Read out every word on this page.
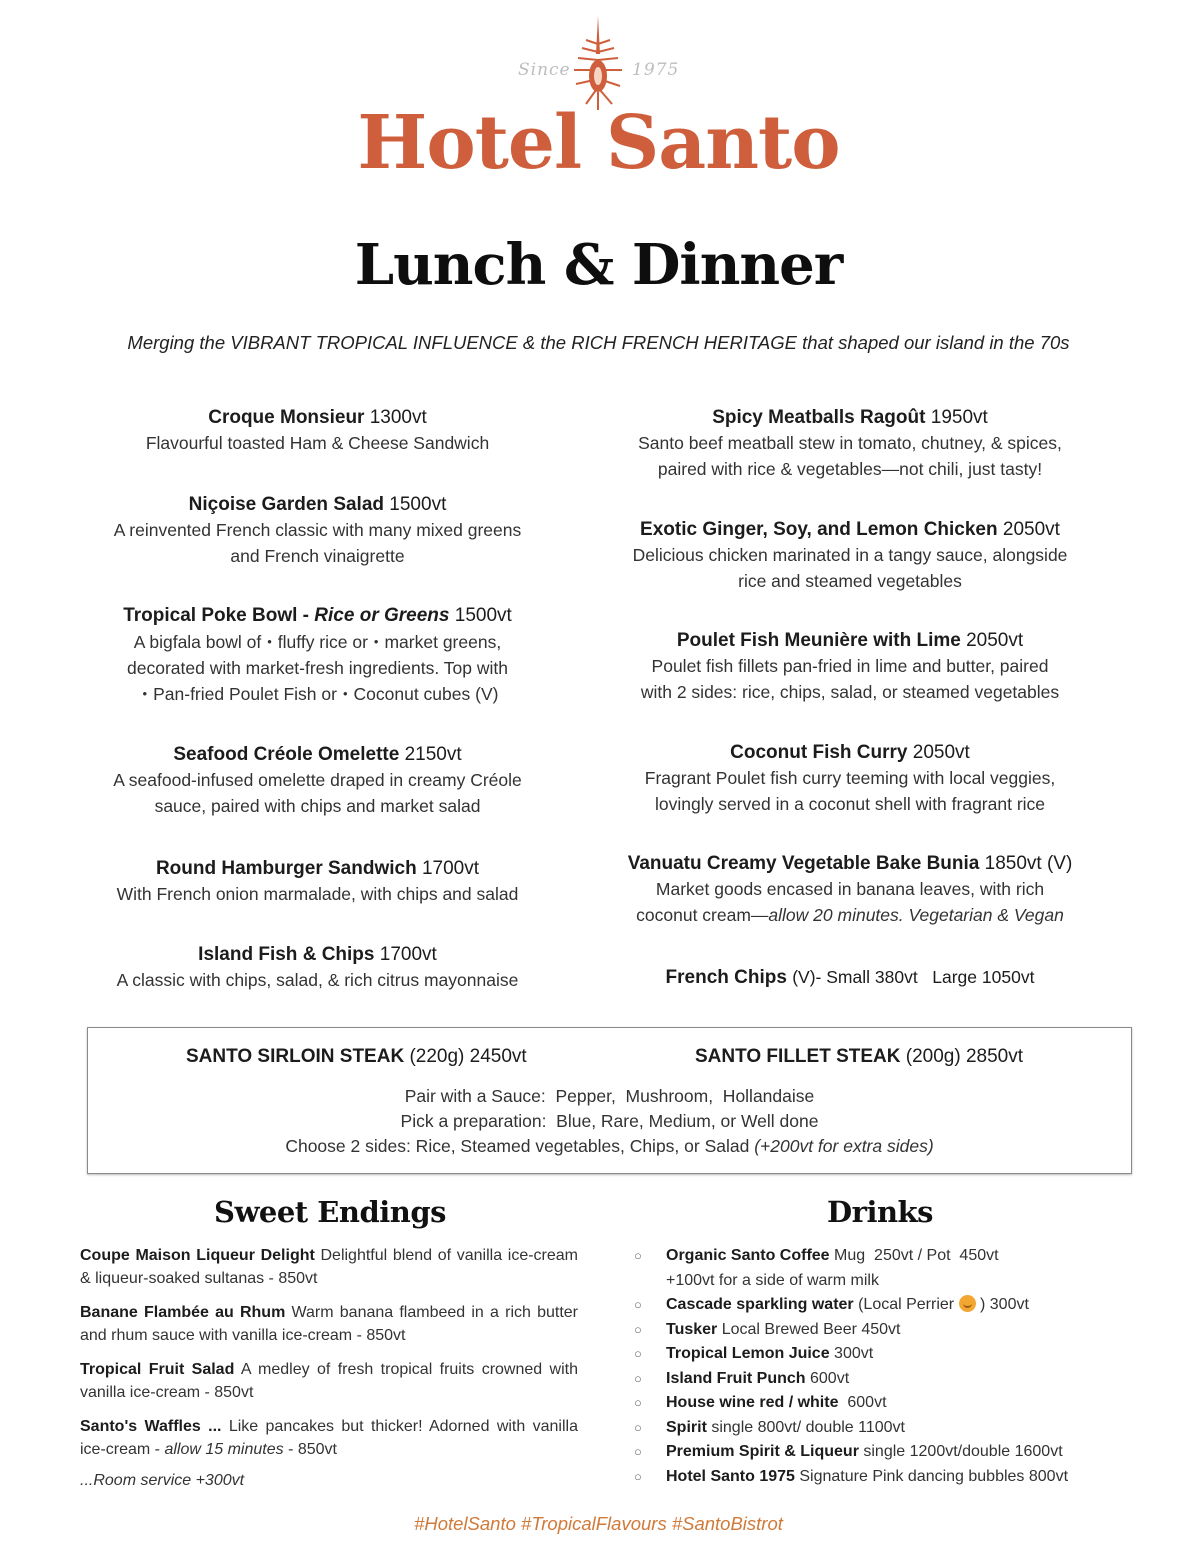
Since	1975
Hotel Santo
Lunch & Dinner

Merging the VIBRANT TROPICAL INFLUENCE & the RICH FRENCH HERITAGE that shaped our island in the 70s

Croque Monsieur 1300vt
Flavourful toasted Ham & Cheese Sandwich
Niçoise Garden Salad 1500vt
A reinvented French classic with many mixed greens
and French vinaigrette
Tropical Poke Bowl - Rice or Greens 1500vt
A bigfala bowl of • fluffy rice or • market greens,
decorated with market-fresh ingredients. Top with
• Pan-fried Poulet Fish or • Coconut cubes (V)
Seafood Créole Omelette 2150vt
A seafood-infused omelette draped in creamy Créole
sauce, paired with chips and market salad
Round Hamburger Sandwich 1700vt
With French onion marmalade, with chips and salad
Island Fish & Chips 1700vt
A classic with chips, salad, & rich citrus mayonnaise
Spicy Meatballs Ragoût 1950vt
Santo beef meatball stew in tomato, chutney, & spices,
paired with rice & vegetables—not chili, just tasty!
Exotic Ginger, Soy, and Lemon Chicken 2050vt
Delicious chicken marinated in a tangy sauce, alongside
rice and steamed vegetables
Poulet Fish Meunière with Lime 2050vt
Poulet fish fillets pan-fried in lime and butter, paired
with 2 sides: rice, chips, salad, or steamed vegetables
Coconut Fish Curry 2050vt
Fragrant Poulet fish curry teeming with local veggies,
lovingly served in a coconut shell with fragrant rice
Vanuatu Creamy Vegetable Bake Bunia 1850vt (V)
Market goods encased in banana leaves, with rich
coconut cream—allow 20 minutes. Vegetarian & Vegan
French Chips (V)- Small 380vt   Large 1050vt
SANTO SIRLOIN STEAK (220g) 2450vt	SANTO FILLET STEAK (200g) 2850vt
Pair with a Sauce:  Pepper,  Mushroom,  Hollandaise
Pick a preparation:  Blue, Rare, Medium, or Well done
Choose 2 sides: Rice, Steamed vegetables, Chips, or Salad (+200vt for extra sides)
Sweet Endings

Coupe Maison Liqueur Delight Delightful blend of vanilla ice-cream & liqueur-soaked sultanas - 850vt

Banane Flambée au Rhum Warm banana flambeed in a rich butter and rhum sauce with vanilla ice-cream - 850vt

Tropical Fruit Salad A medley of fresh tropical fruits crowned with vanilla ice-cream - 850vt

Santo's Waffles ... Like pancakes but thicker! Adorned with vanilla ice-cream - allow 15 minutes - 850vt

...Room service +300vt

Drinks
○ Organic Santo Coffee Mug  250vt / Pot  450vt
+100vt for a side of warm milk
○ Cascade sparkling water (Local Perrier  ) 300vt
○ Tusker Local Brewed Beer 450vt
○ Tropical Lemon Juice 300vt
○ Island Fruit Punch 600vt
○ House wine red / white  600vt
○ Spirit single 800vt/ double 1100vt
○ Premium Spirit & Liqueur single 1200vt/double 1600vt
○ Hotel Santo 1975 Signature Pink dancing bubbles 800vt

#HotelSanto #TropicalFlavours #SantoBistrot
